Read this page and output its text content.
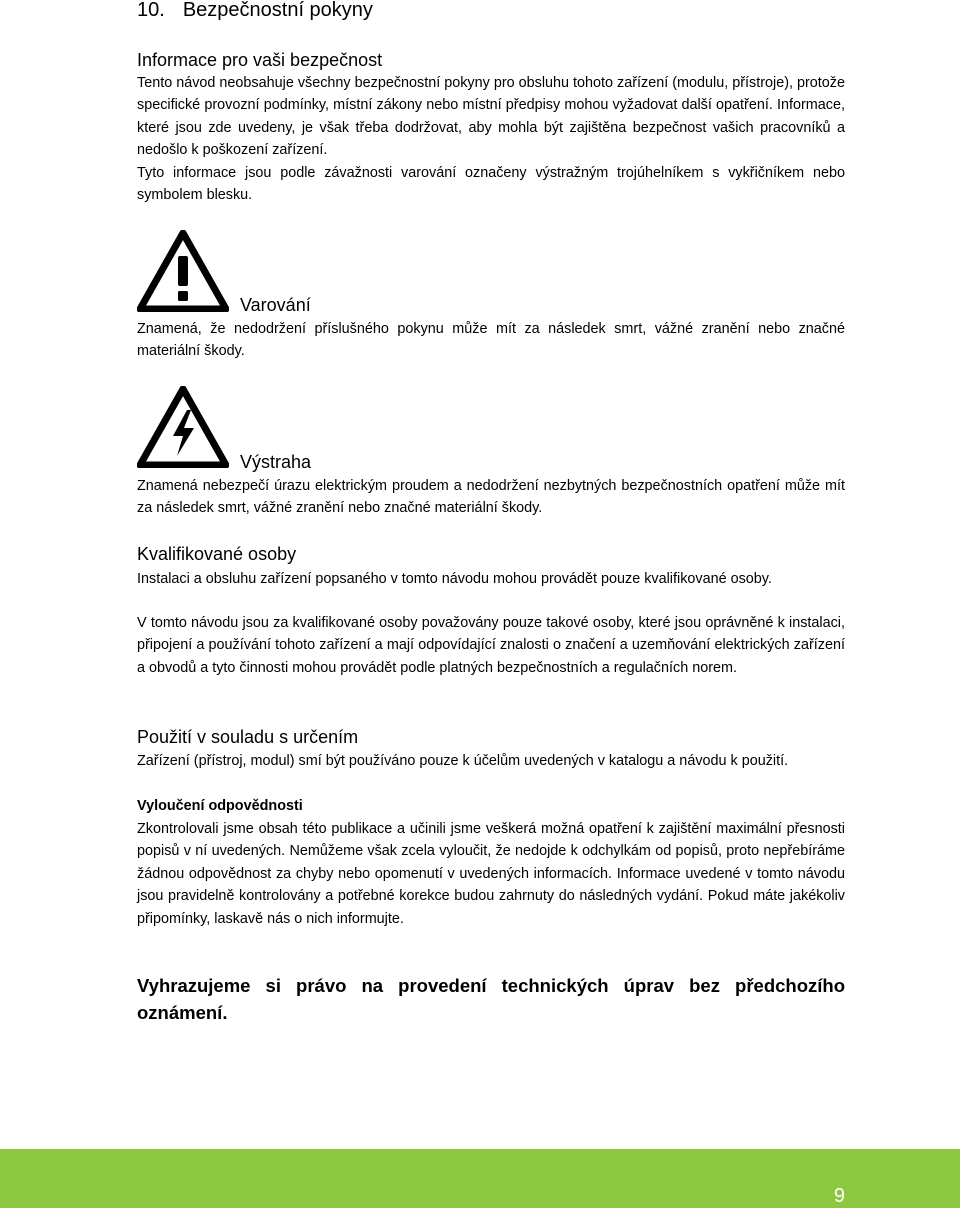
10. Bezpečnostní pokyny
Informace pro vaši bezpečnost
Tento návod neobsahuje všechny bezpečnostní pokyny pro obsluhu tohoto zařízení (modulu, přístroje), protože specifické provozní podmínky, místní zákony nebo místní předpisy mohou vyžadovat další opatření. Informace, které jsou zde uvedeny, je však třeba dodržovat, aby mohla být zajištěna bezpečnost vašich pracovníků a nedošlo k poškození zařízení.
Tyto informace jsou podle závažnosti varování označeny výstražným trojúhelníkem s vykřičníkem nebo symbolem blesku.
Varování
Znamená, že nedodržení příslušného pokynu může mít za následek smrt, vážné zranění nebo značné materiální škody.
Výstraha
Znamená nebezpečí úrazu elektrickým proudem a nedodržení nezbytných bezpečnostních opatření může mít za následek smrt, vážné zranění nebo značné materiální škody.
Kvalifikované osoby
Instalaci a obsluhu zařízení popsaného v tomto návodu mohou provádět pouze kvalifikované osoby.
V tomto návodu jsou za kvalifikované osoby považovány pouze takové osoby, které jsou oprávněné k instalaci, připojení a používání tohoto zařízení a mají odpovídající znalosti o značení a uzemňování elektrických zařízení a obvodů a tyto činnosti mohou provádět podle platných bezpečnostních a regulačních norem.
Použití v souladu s určením
Zařízení (přístroj, modul) smí být používáno pouze k účelům uvedených v katalogu a návodu k použití.
Vyloučení odpovědnosti
Zkontrolovali jsme obsah této publikace a učinili jsme veškerá možná opatření k zajištění maximální přesnosti popisů v ní uvedených. Nemůžeme však zcela vyloučit, že nedojde k odchylkám od popisů, proto nepřebíráme žádnou odpovědnost za chyby nebo opomenutí v uvedených informacích. Informace uvedené v tomto návodu jsou pravidelně kontrolovány a potřebné korekce budou zahrnuty do následných vydání. Pokud máte jakékoliv připomínky, laskavě nás o nich informujte.
Vyhrazujeme si právo na provedení technických úprav bez předchozího oznámení.
9
